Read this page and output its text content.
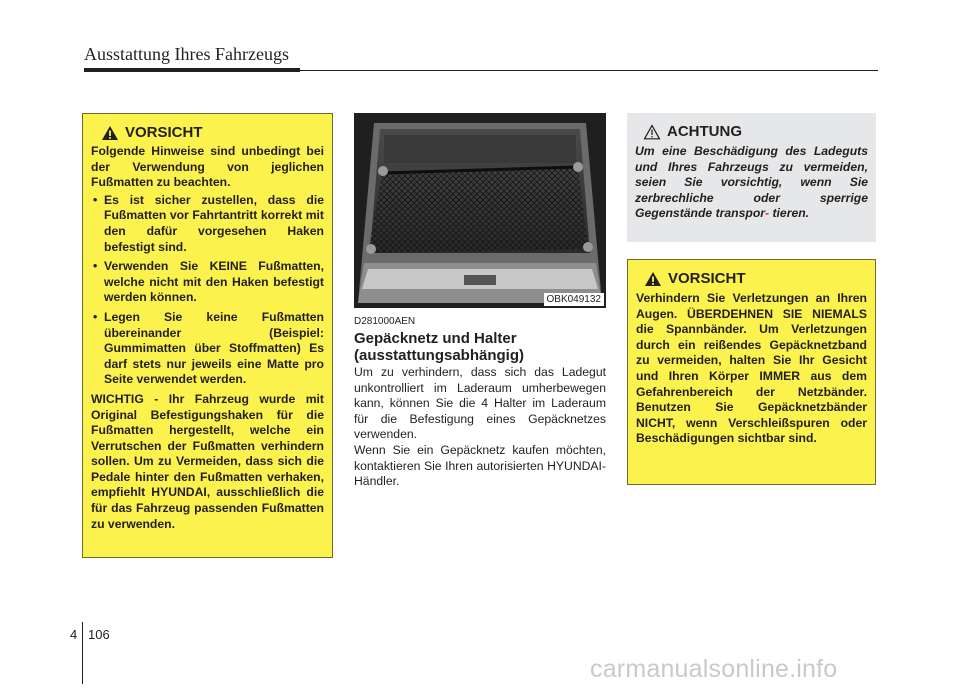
Ausstattung Ihres Fahrzeugs
VORSICHT
Folgende Hinweise sind unbedingt bei der Verwendung von jeglichen Fußmatten zu beachten.
• Es ist sicher zustellen, dass die Fußmatten vor Fahrtantritt korrekt mit den dafür vorgesehen Haken befestigt sind.
• Verwenden Sie KEINE Fußmatten, welche nicht mit den Haken befestigt werden können.
• Legen Sie keine Fußmatten übereinander (Beispiel: Gummimatten über Stoffmatten) Es darf stets nur jeweils eine Matte pro Seite verwendet werden.
WICHTIG - Ihr Fahrzeug wurde mit Original Befestigungshaken für die Fußmatten hergestellt, welche ein Verrutschen der Fußmatten verhindern sollen. Um zu Vermeiden, dass sich die Pedale hinter den Fußmatten verhaken, empfiehlt HYUNDAI, ausschließlich die für das Fahrzeug passenden Fußmatten zu verwenden.
OBK049132
D281000AEN
Gepäcknetz und Halter (ausstattungsabhängig)
Um zu verhindern, dass sich das Ladegut unkontrolliert im Laderaum umherbewegen kann, können Sie die 4 Halter im Laderaum für die Befestigung eines Gepäcknetzes verwenden.
Wenn Sie ein Gepäcknetz kaufen möchten, kontaktieren Sie Ihren autorisierten HYUNDAI-Händler.
ACHTUNG
Um eine Beschädigung des Ladeguts und Ihres Fahrzeugs zu vermeiden, seien Sie vorsichtig, wenn Sie zerbrechliche oder sperrige Gegenstände transpor- tieren.
VORSICHT
Verhindern Sie Verletzungen an Ihren Augen. ÜBERDEHNEN SIE NIEMALS die Spannbänder. Um Verletzungen durch ein reißendes Gepäcknetzband zu vermeiden, halten Sie Ihr Gesicht und Ihren Körper IMMER aus dem Gefahrenbereich der Netzbänder. Benutzen Sie Gepäcknetzbänder NICHT, wenn Verschleißspuren oder Beschädigungen sichtbar sind.
4 106
carmanualsonline.info
